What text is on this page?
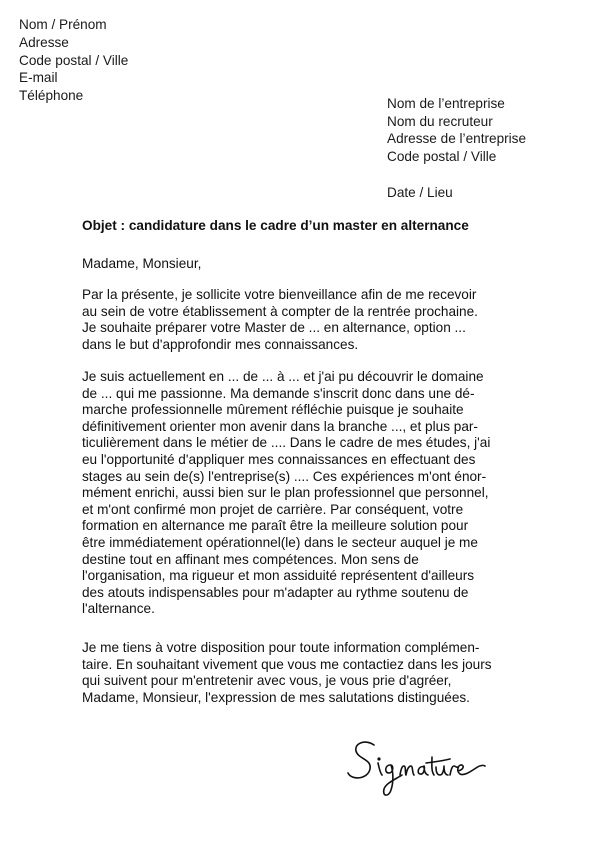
Nom / Prénom
Adresse
Code postal / Ville
E-mail
Téléphone
Nom de l’entreprise
Nom du recruteur
Adresse de l’entreprise
Code postal / Ville
Date / Lieu
Objet : candidature dans le cadre d’un master en alternance
Madame, Monsieur,
Par la présente, je sollicite votre bienveillance afin de me recevoir
au sein de votre établissement à compter de la rentrée prochaine.
Je souhaite préparer votre Master de ... en alternance, option ...
dans le but d'approfondir mes connaissances.
Je suis actuellement en ... de ... à ... et j'ai pu découvrir le domaine
de ... qui me passionne. Ma demande s'inscrit donc dans une dé-
marche professionnelle mûrement réfléchie puisque je souhaite
définitivement orienter mon avenir dans la branche ..., et plus par-
ticulièrement dans le métier de .... Dans le cadre de mes études, j'ai
eu l'opportunité d'appliquer mes connaissances en effectuant des
stages au sein de(s) l'entreprise(s) .... Ces expériences m'ont énor-
mément enrichi, aussi bien sur le plan professionnel que personnel,
et m'ont confirmé mon projet de carrière. Par conséquent, votre
formation en alternance me paraît être la meilleure solution pour
être immédiatement opérationnel(le) dans le secteur auquel je me
destine tout en affinant mes compétences. Mon sens de
l'organisation, ma rigueur et mon assiduité représentent d'ailleurs
des atouts indispensables pour m'adapter au rythme soutenu de
l'alternance.
Je me tiens à votre disposition pour toute information complémen-
taire. En souhaitant vivement que vous me contactiez dans les jours
qui suivent pour m'entretenir avec vous, je vous prie d'agréer,
Madame, Monsieur, l'expression de mes salutations distinguées.
